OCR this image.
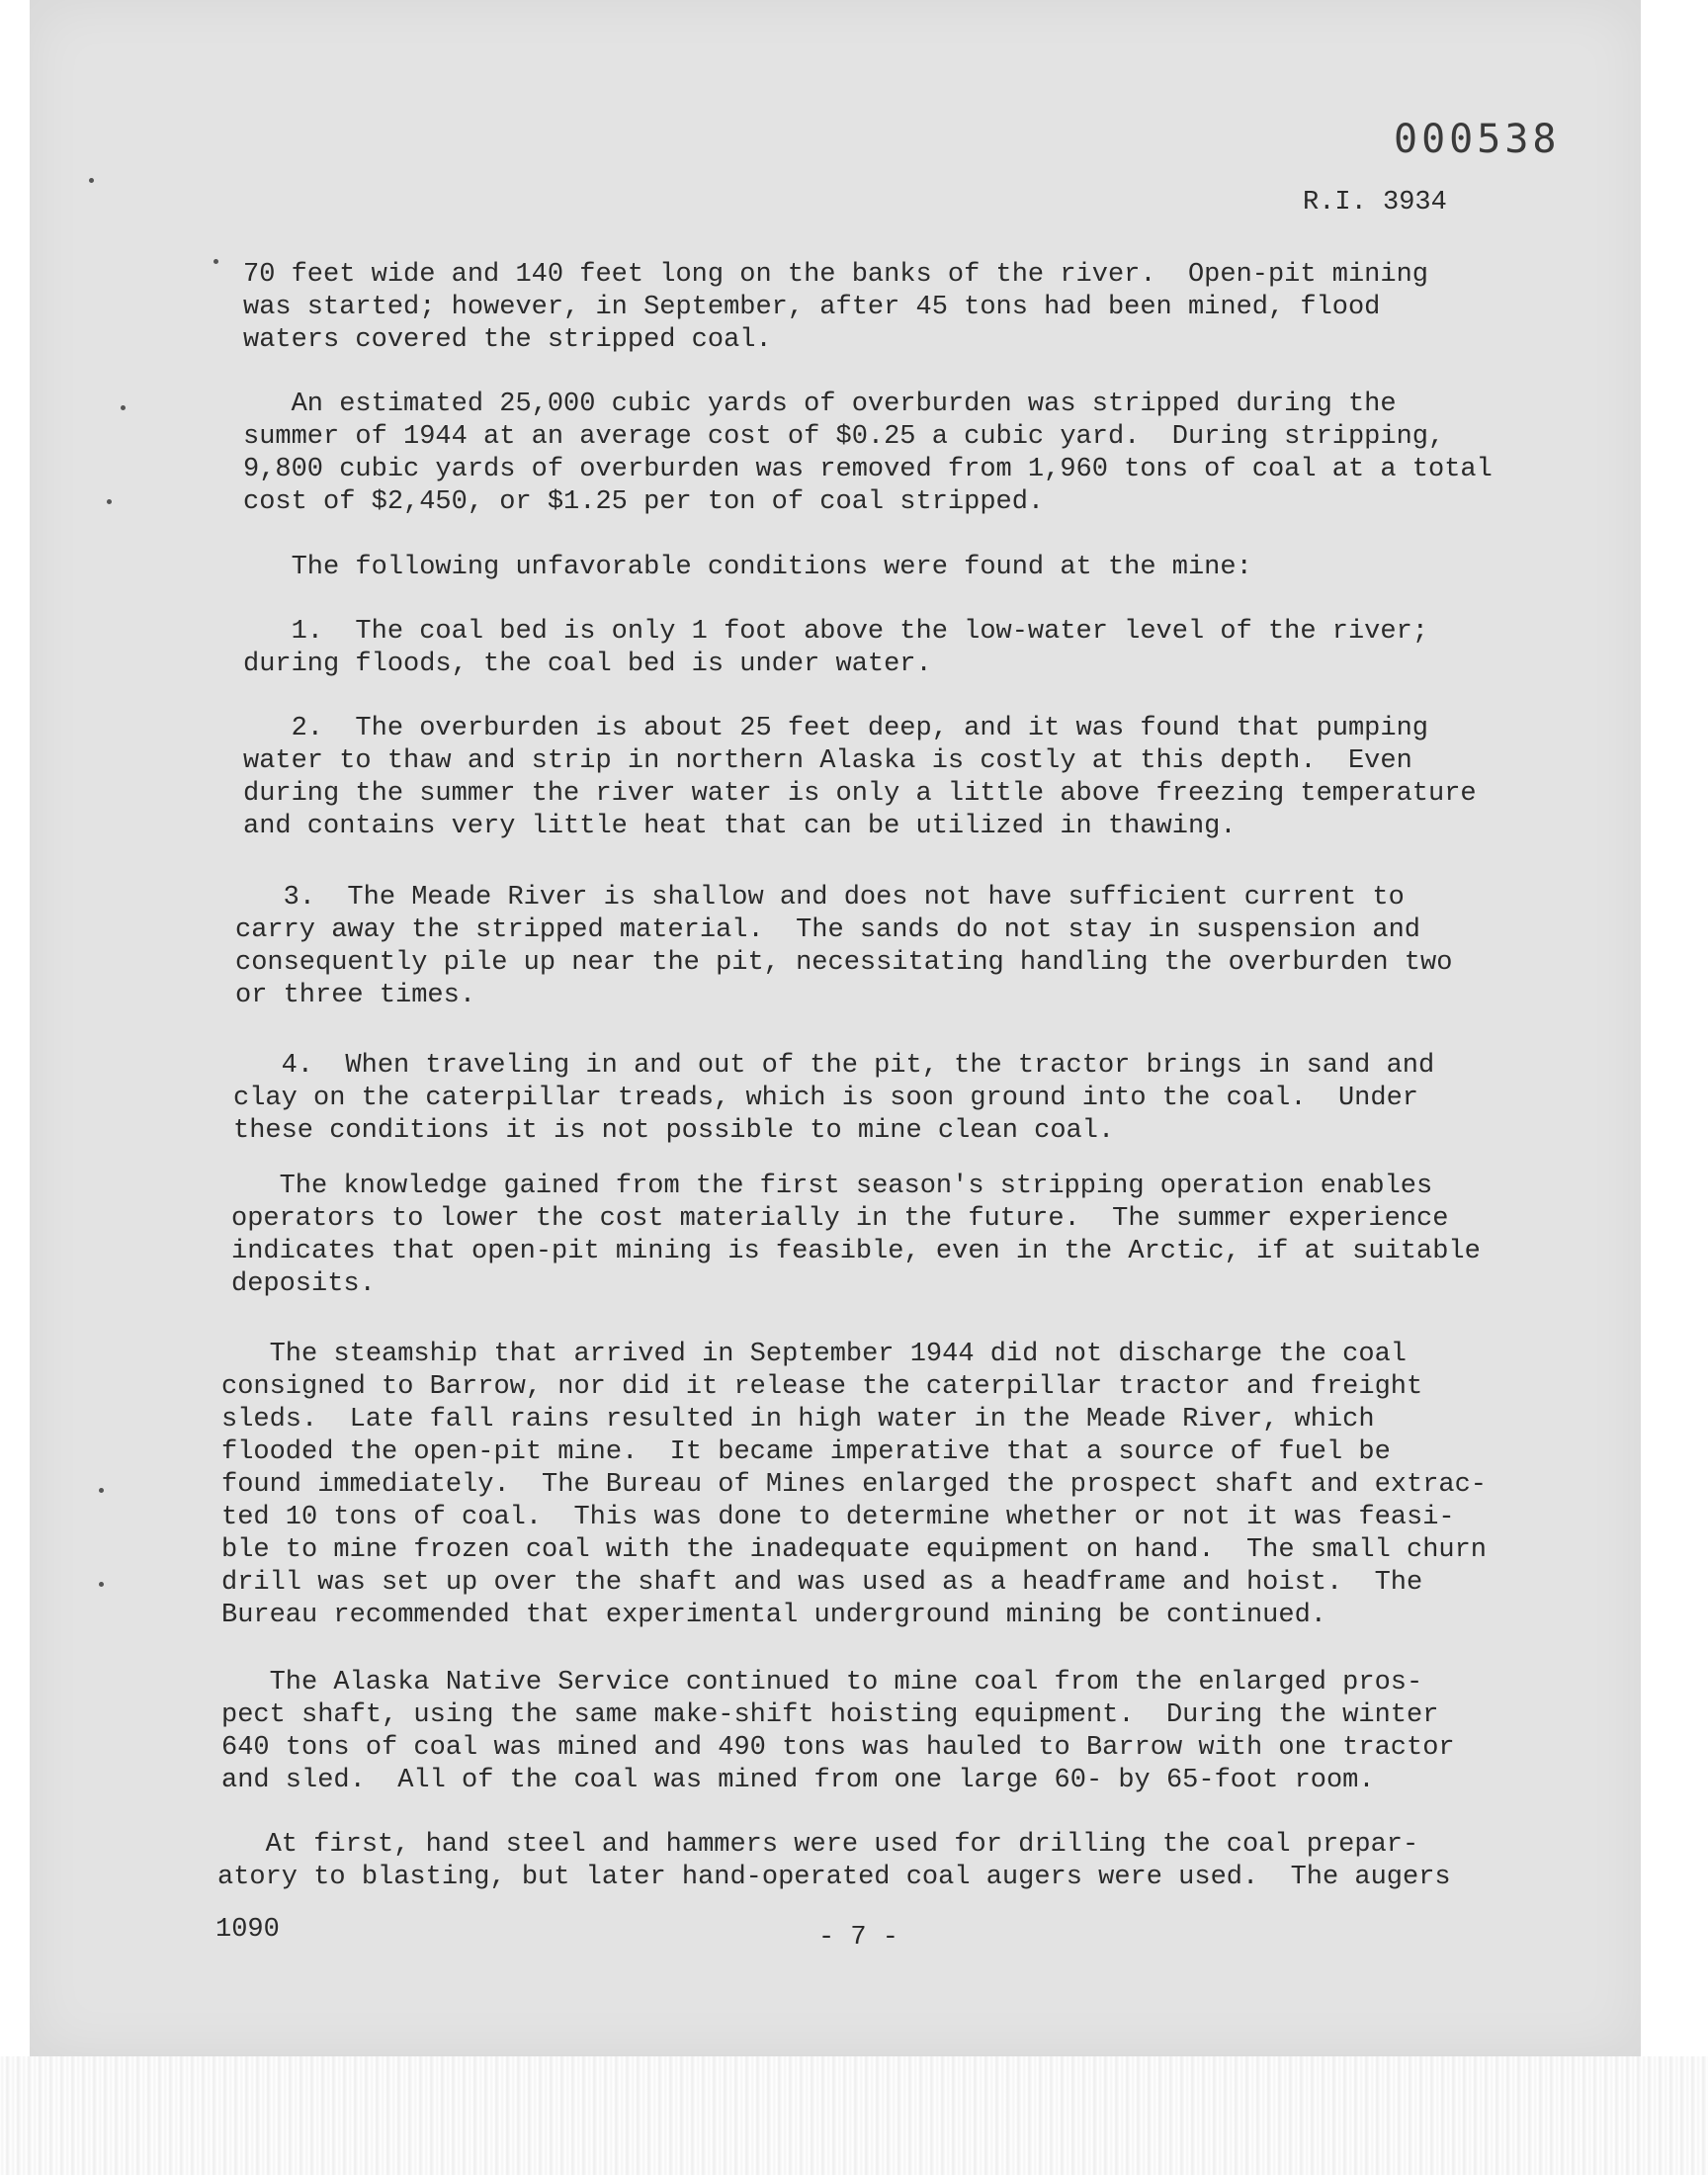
000538
R.I. 3934
70 feet wide and 140 feet long on the banks of the river.  Open-pit mining
was started; however, in September, after 45 tons had been mined, flood
waters covered the stripped coal.
An estimated 25,000 cubic yards of overburden was stripped during the
summer of 1944 at an average cost of $0.25 a cubic yard.  During stripping,
9,800 cubic yards of overburden was removed from 1,960 tons of coal at a total
cost of $2,450, or $1.25 per ton of coal stripped.
The following unfavorable conditions were found at the mine:
1.  The coal bed is only 1 foot above the low-water level of the river;
during floods, the coal bed is under water.
2.  The overburden is about 25 feet deep, and it was found that pumping
water to thaw and strip in northern Alaska is costly at this depth.  Even
during the summer the river water is only a little above freezing temperature
and contains very little heat that can be utilized in thawing.
3.  The Meade River is shallow and does not have sufficient current to
carry away the stripped material.  The sands do not stay in suspension and
consequently pile up near the pit, necessitating handling the overburden two
or three times.
4.  When traveling in and out of the pit, the tractor brings in sand and
clay on the caterpillar treads, which is soon ground into the coal.  Under
these conditions it is not possible to mine clean coal.
The knowledge gained from the first season's stripping operation enables
operators to lower the cost materially in the future.  The summer experience
indicates that open-pit mining is feasible, even in the Arctic, if at suitable
deposits.
The steamship that arrived in September 1944 did not discharge the coal
consigned to Barrow, nor did it release the caterpillar tractor and freight
sleds.  Late fall rains resulted in high water in the Meade River, which
flooded the open-pit mine.  It became imperative that a source of fuel be
found immediately.  The Bureau of Mines enlarged the prospect shaft and extrac-
ted 10 tons of coal.  This was done to determine whether or not it was feasi-
ble to mine frozen coal with the inadequate equipment on hand.  The small churn
drill was set up over the shaft and was used as a headframe and hoist.  The
Bureau recommended that experimental underground mining be continued.
The Alaska Native Service continued to mine coal from the enlarged pros-
pect shaft, using the same make-shift hoisting equipment.  During the winter
640 tons of coal was mined and 490 tons was hauled to Barrow with one tractor
and sled.  All of the coal was mined from one large 60- by 65-foot room.
At first, hand steel and hammers were used for drilling the coal prepar-
atory to blasting, but later hand-operated coal augers were used.  The augers
1090	- 7 -
